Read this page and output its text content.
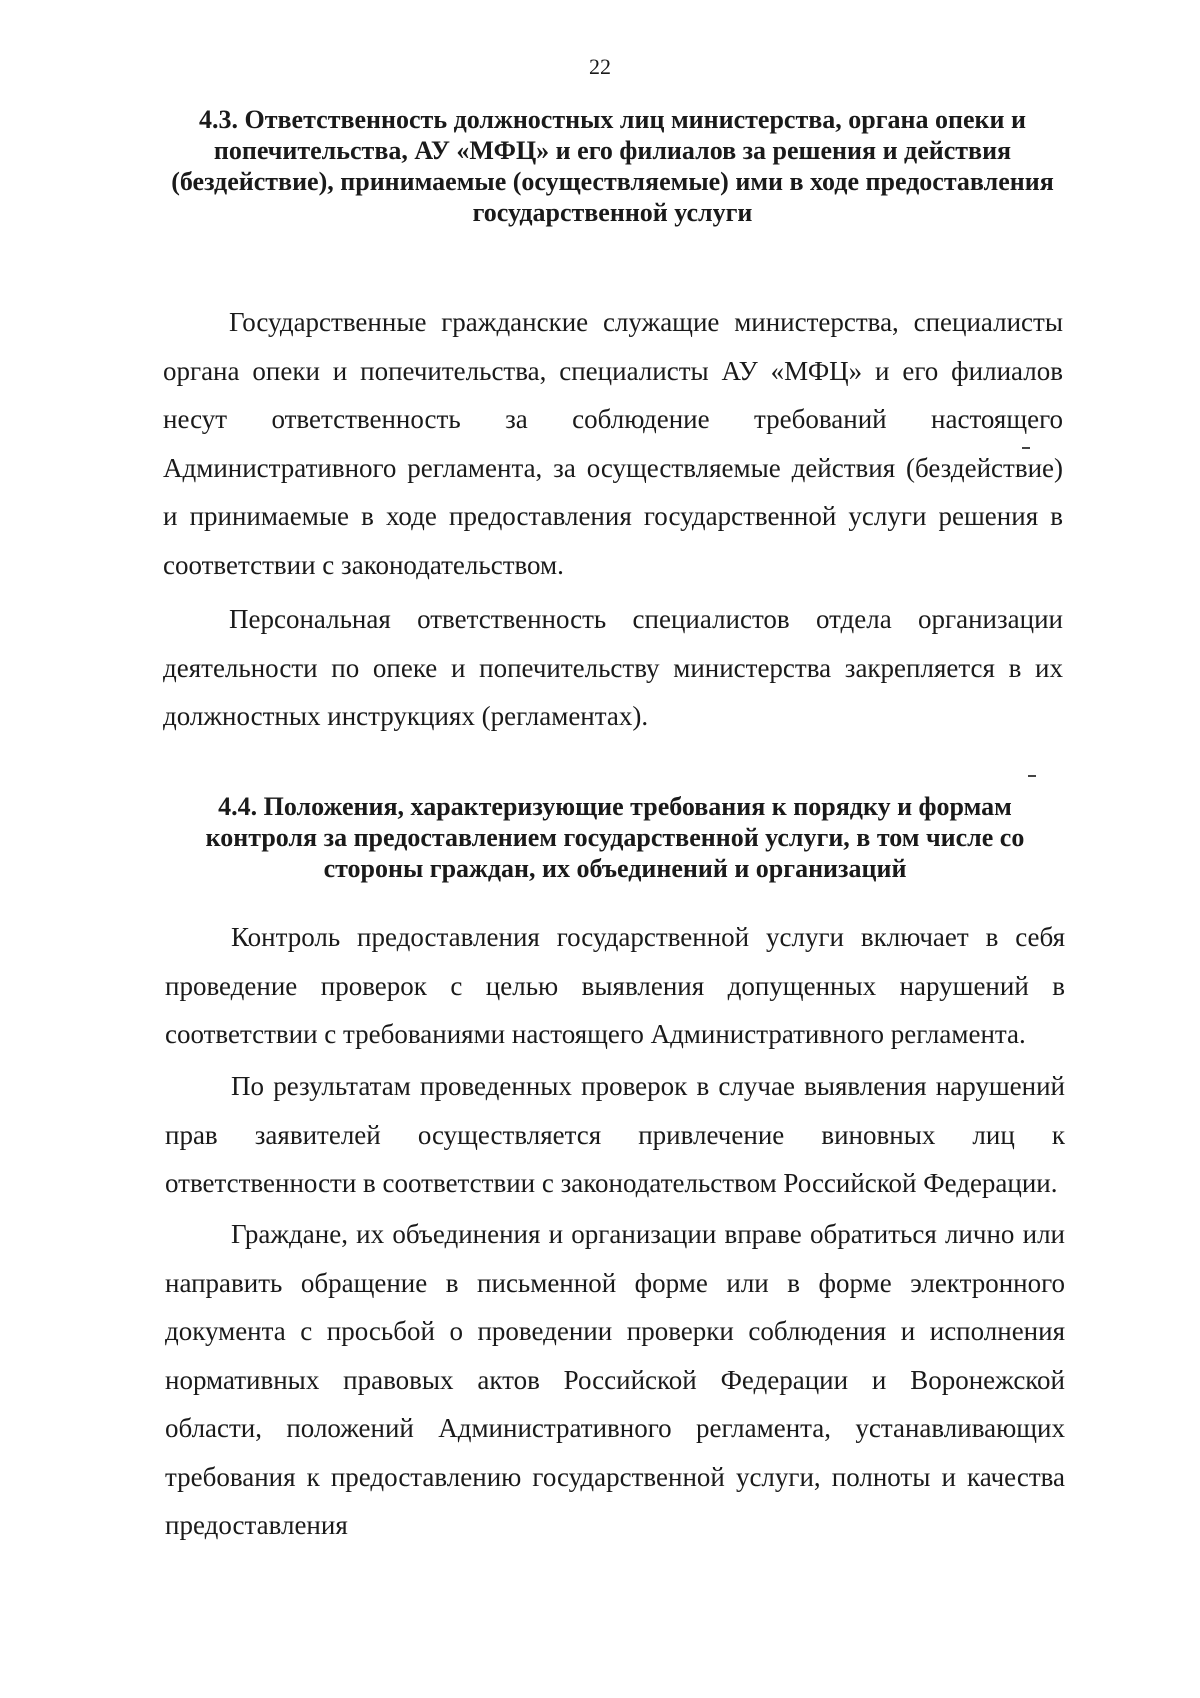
22
4.3. Ответственность должностных лиц министерства, органа опеки и попечительства, АУ «МФЦ» и его филиалов за решения и действия (бездействие), принимаемые (осуществляемые) ими в ходе предоставления государственной услуги

Государственные гражданские служащие министерства, специалисты органа опеки и попечительства, специалисты АУ «МФЦ» и его филиалов несут ответственность за соблюдение требований настоящего Административного регламента, за осуществляемые действия (бездействие) и принимаемые в ходе предоставления государственной услуги решения в соответствии с законодательством.

Персональная ответственность специалистов отдела организации деятельности по опеке и попечительству министерства закрепляется в их должностных инструкциях (регламентах).

4.4. Положения, характеризующие требования к порядку и формам контроля за предоставлением государственной услуги, в том числе со стороны граждан, их объединений и организаций

Контроль предоставления государственной услуги включает в себя проведение проверок с целью выявления допущенных нарушений в соответствии с требованиями настоящего Административного регламента.

По результатам проведенных проверок в случае выявления нарушений прав заявителей осуществляется привлечение виновных лиц к ответственности в соответствии с законодательством Российской Федерации.

Граждане, их объединения и организации вправе обратиться лично или направить обращение в письменной форме или в форме электронного документа с просьбой о проведении проверки соблюдения и исполнения нормативных правовых актов Российской Федерации и Воронежской области, положений Административного регламента, устанавливающих требования к предоставлению государственной услуги, полноты и качества предоставления
